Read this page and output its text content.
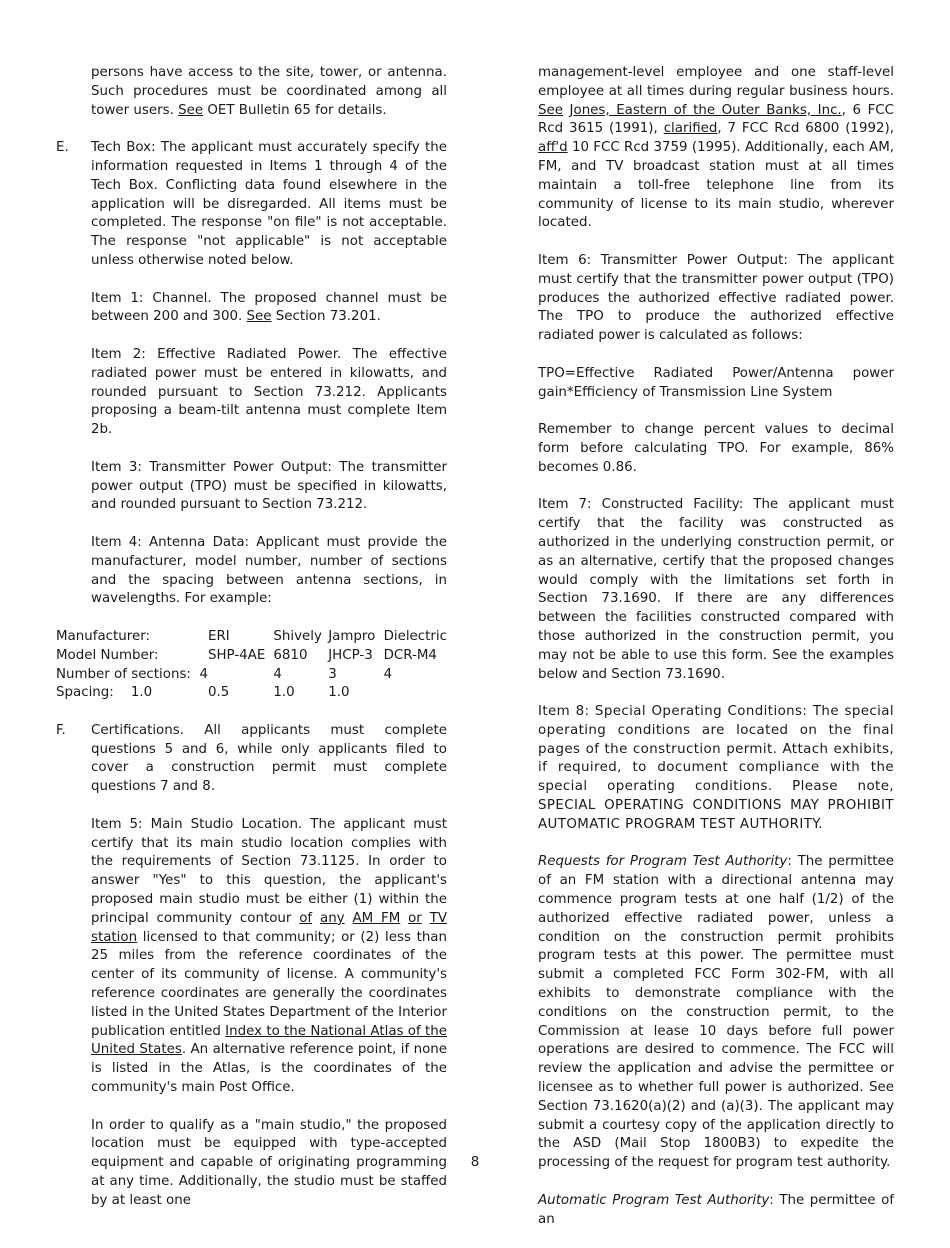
persons have access to the site, tower, or antenna. Such procedures must be coordinated among all tower users. See OET Bulletin 65 for details.

E. Tech Box: The applicant must accurately specify the information requested in Items 1 through 4 of the Tech Box. Conflicting data found elsewhere in the application will be disregarded. All items must be completed. The response "on file" is not acceptable. The response "not applicable" is not acceptable unless otherwise noted below.

Item 1: Channel. The proposed channel must be between 200 and 300. See Section 73.201.

Item 2: Effective Radiated Power. The effective radiated power must be entered in kilowatts, and rounded pursuant to Section 73.212. Applicants proposing a beam-tilt antenna must complete Item 2b.

Item 3: Transmitter Power Output: The transmitter power output (TPO) must be specified in kilowatts, and rounded pursuant to Section 73.212.

Item 4: Antenna Data: Applicant must provide the manufacturer, model number, number of sections and the spacing between antenna sections, in wavelengths. For example:

Manufacturer:	ERI	Shively	Jampro	Dielectric
Model Number:	SHP-4AE	6810	JHCP-3	DCR-M4
Number of sections: 4		4	3	4
Spacing: 1.0	0.5	1.0	1.0	

F. Certifications. All applicants must complete questions 5 and 6, while only applicants filed to cover a construction permit must complete questions 7 and 8.

Item 5: Main Studio Location. The applicant must certify that its main studio location complies with the requirements of Section 73.1125. In order to answer "Yes" to this question, the applicant's proposed main studio must be either (1) within the principal community contour of any AM FM or TV station licensed to that community; or (2) less than 25 miles from the reference coordinates of the center of its community of license. A community's reference coordinates are generally the coordinates listed in the United States Department of the Interior publication entitled Index to the National Atlas of the United States. An alternative reference point, if none is listed in the Atlas, is the coordinates of the community's main Post Office.

In order to qualify as a "main studio," the proposed location must be equipped with type-accepted equipment and capable of originating programming at any time. Additionally, the studio must be staffed by at least one

management-level employee and one staff-level employee at all times during regular business hours. See Jones, Eastern of the Outer Banks, Inc., 6 FCC Rcd 3615 (1991), clarified, 7 FCC Rcd 6800 (1992), aff'd 10 FCC Rcd 3759 (1995). Additionally, each AM, FM, and TV broadcast station must at all times maintain a toll-free telephone line from its community of license to its main studio, wherever located.

Item 6: Transmitter Power Output: The applicant must certify that the transmitter power output (TPO) produces the authorized effective radiated power. The TPO to produce the authorized effective radiated power is calculated as follows:

TPO=Effective Radiated Power/Antenna power gain*Efficiency of Transmission Line System

Remember to change percent values to decimal form before calculating TPO. For example, 86% becomes 0.86.

Item 7: Constructed Facility: The applicant must certify that the facility was constructed as authorized in the underlying construction permit, or as an alternative, certify that the proposed changes would comply with the limitations set forth in Section 73.1690. If there are any differences between the facilities constructed compared with those authorized in the construction permit, you may not be able to use this form. See the examples below and Section 73.1690.

Item 8: Special Operating Conditions: The special operating conditions are located on the final pages of the construction permit. Attach exhibits, if required, to document compliance with the special operating conditions. Please note, SPECIAL OPERATING CONDITIONS MAY PROHIBIT AUTOMATIC PROGRAM TEST AUTHORITY.

Requests for Program Test Authority: The permittee of an FM station with a directional antenna may commence program tests at one half (1/2) of the authorized effective radiated power, unless a condition on the construction permit prohibits program tests at this power. The permittee must submit a completed FCC Form 302-FM, with all exhibits to demonstrate compliance with the conditions on the construction permit, to the Commission at lease 10 days before full power operations are desired to commence. The FCC will review the application and advise the permittee or licensee as to whether full power is authorized. See Section 73.1620(a)(2) and (a)(3). The applicant may submit a courtesy copy of the application directly to the ASD (Mail Stop 1800B3) to expedite the processing of the request for program test authority.

Automatic Program Test Authority: The permittee of an

8
